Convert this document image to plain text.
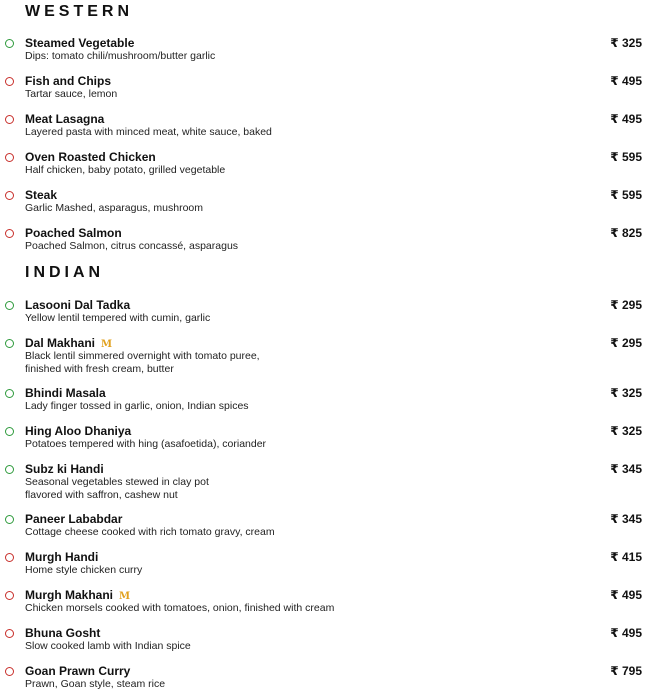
WESTERN
Steamed Vegetable
Dips: tomato chili/mushroom/butter garlic
₹ 325
Fish and Chips
Tartar sauce, lemon
₹ 495
Meat Lasagna
Layered pasta with minced meat, white sauce, baked
₹ 495
Oven Roasted Chicken
Half chicken, baby potato, grilled vegetable
₹ 595
Steak
Garlic Mashed, asparagus, mushroom
₹ 595
Poached Salmon
Poached Salmon, citrus concassé, asparagus
₹ 825
INDIAN
Lasooni Dal Tadka
Yellow lentil tempered with cumin, garlic
₹ 295
Dal Makhani M
Black lentil simmered overnight with tomato puree,
finished with fresh cream, butter
₹ 295
Bhindi Masala
Lady finger tossed in garlic, onion, Indian spices
₹ 325
Hing Aloo Dhaniya
Potatoes tempered with hing (asafoetida), coriander
₹ 325
Subz ki Handi
Seasonal vegetables stewed in clay pot
flavored with saffron, cashew nut
₹ 345
Paneer Lababdar
Cottage cheese cooked with rich tomato gravy, cream
₹ 345
Murgh Handi
Home style chicken curry
₹ 415
Murgh Makhani M
Chicken morsels cooked with tomatoes, onion, finished with cream
₹ 495
Bhuna Gosht
Slow cooked lamb with Indian spice
₹ 495
Goan Prawn Curry
Prawn, Goan style, steam rice
₹ 795
